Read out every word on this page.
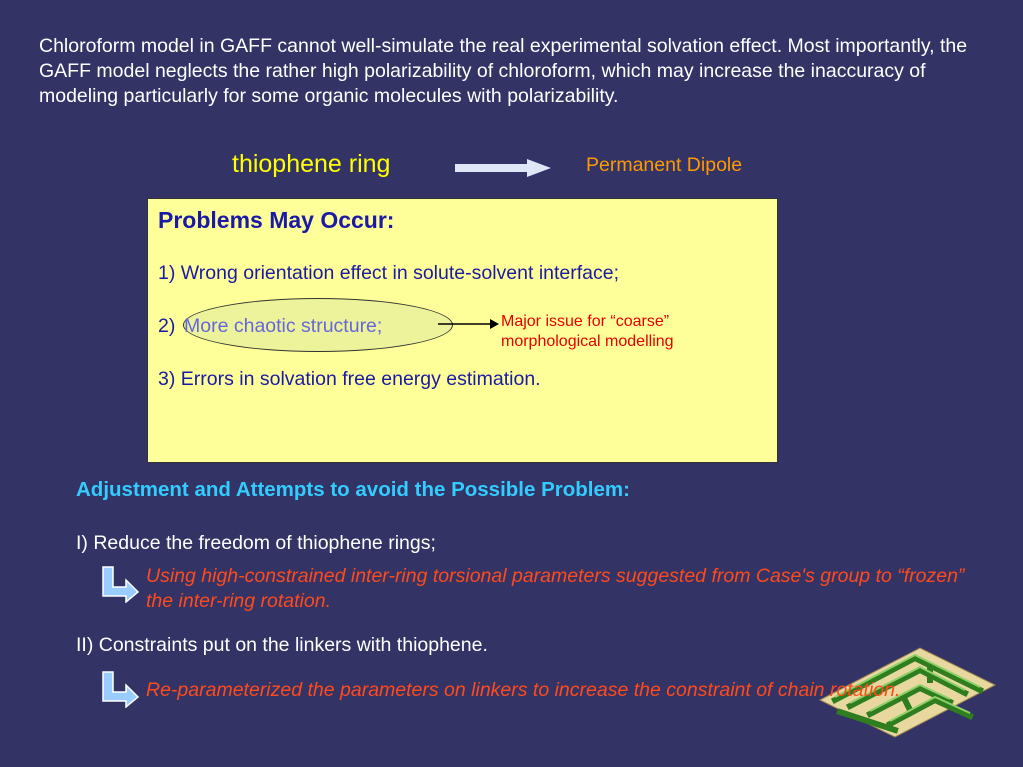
Chloroform model in GAFF cannot well-simulate the real experimental solvation effect. Most importantly, the GAFF model neglects the rather high polarizability of chloroform, which may increase the inaccuracy of modeling particularly for some organic molecules with polarizability.
thiophene ring	Permanent Dipole
Problems May Occur:
1) Wrong orientation effect in solute-solvent interface;
2) More chaotic structure;	Major issue for “coarse”
morphological modelling
3) Errors in solvation free energy estimation.
Adjustment and Attempts to avoid the Possible Problem:
I) Reduce the freedom of thiophene rings;
Using high-constrained inter-ring torsional parameters suggested from Case's group to “frozen” the inter-ring rotation.
II) Constraints put on the linkers with thiophene.
Re-parameterized the parameters on linkers to increase the constraint of chain rotation.
